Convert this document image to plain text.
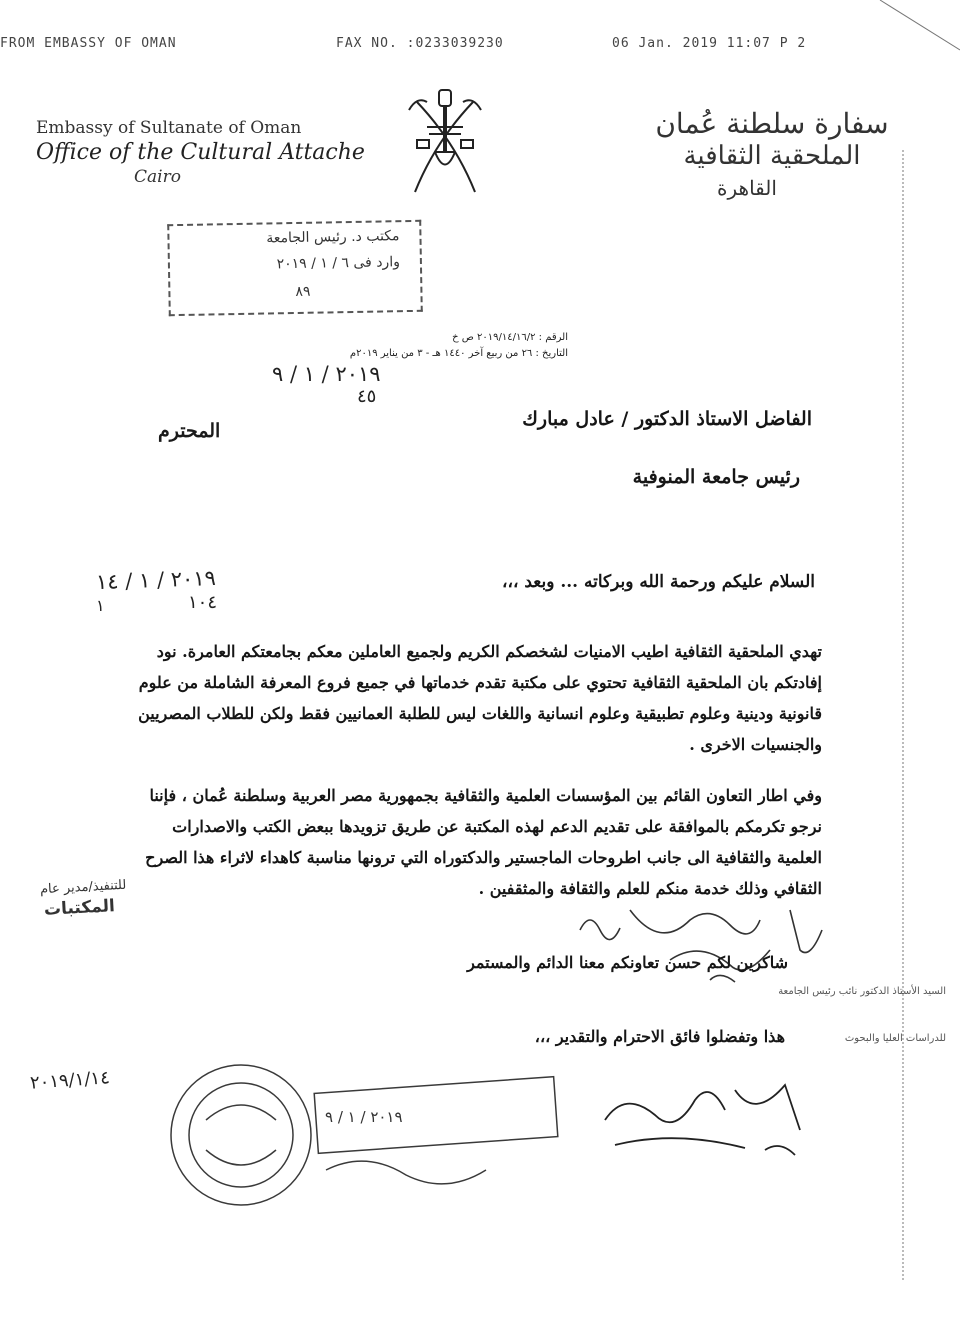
FROM EMBASSY OF OMAN	FAX NO. :0233039230	06 Jan. 2019 11:07 P 2
Embassy of Sultanate of Oman
Office of the Cultural Attache
Cairo
سفارة سلطنة عُمان
الملحقية الثقافية
القاهرة
مكتب د. رئيس الجامعة
وارد فى ٦ / ١ / ٢٠١٩
٨٩
الرقم : ٢٠١٩/١٤/١٦/٢ ص خ
التاريخ : ٢٦ من ربيع آخر ١٤٤٠ هـ - ٣ من يناير ٢٠١٩م
٢٠١٩ / ١ / ٩
٤٥
الفاضل الاستاذ الدكتور / عادل مبارك
المحترم
رئيس جامعة المنوفية
٢٠١٩ / ١ / ١٤
١٠٤
١
السلام عليكم ورحمة الله وبركاته ... وبعد ،،،
تهدي الملحقية الثقافية اطيب الامنيات لشخصكم الكريم ولجميع العاملين معكم بجامعتكم العامرة. نود إفادتكم بان الملحقية الثقافية تحتوي على مكتبة تقدم خدماتها في جميع فروع المعرفة الشاملة من علوم قانونية ودينية وعلوم تطبيقية وعلوم انسانية واللغات ليس للطلبة العمانيين فقط ولكن للطلاب المصريين والجنسيات الاخرى .
وفي اطار التعاون القائم بين المؤسسات العلمية والثقافية بجمهورية مصر العربية وسلطنة عُمان ، فإننا نرجو تكرمكم بالموافقة على تقديم الدعم لهذه المكتبة عن طريق تزويدها ببعض الكتب والاصدارات العلمية والثقافية الى جانب اطروحات الماجستير والدكتوراه التي ترونها مناسبة كاهداء لاثراء هذا الصرح الثقافي وذلك خدمة منكم للعلم والثقافة والمثقفين .
للتنفيذ/مدير عام
المكتبات
شاكرين لكم حسن تعاونكم معنا الدائم والمستمر
السيد الأستاذ الدكتور نائب رئيس الجامعة
للدراسات العليا والبحوث
هذا وتفضلوا فائق الاحترام والتقدير ،،،
٢٠١٩/١/١٤
٢٠١٩ / ١ / ٩
